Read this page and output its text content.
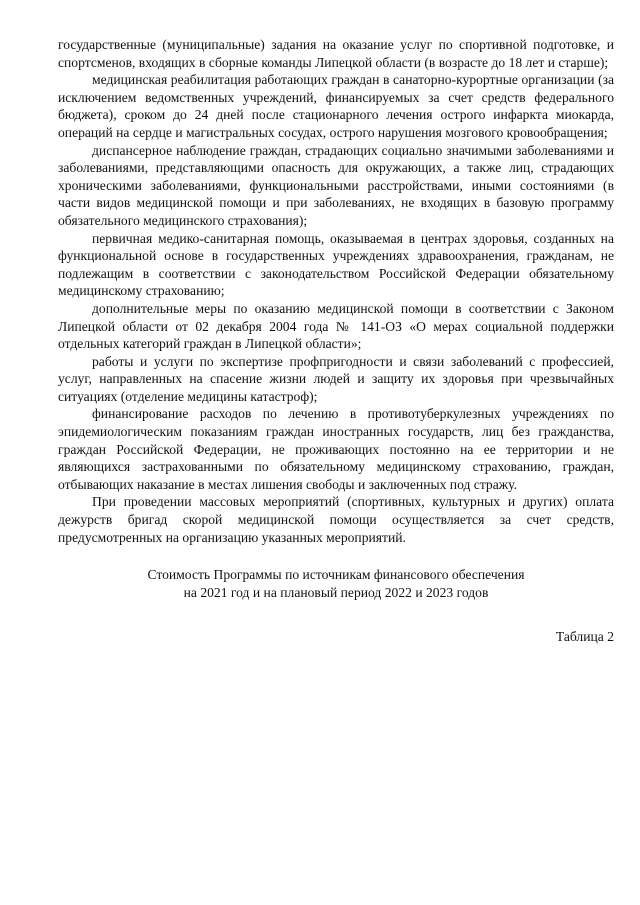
государственные (муниципальные) задания на оказание услуг по спортивной подготовке, и спортсменов, входящих в сборные команды Липецкой области (в возрасте до 18 лет и старше);

медицинская реабилитация работающих граждан в санаторно-курортные организации (за исключением ведомственных учреждений, финансируемых за счет средств федерального бюджета), сроком до 24 дней после стационарного лечения острого инфаркта миокарда, операций на сердце и магистральных сосудах, острого нарушения мозгового кровообращения;

диспансерное наблюдение граждан, страдающих социально значимыми заболеваниями и заболеваниями, представляющими опасность для окружающих, а также лиц, страдающих хроническими заболеваниями, функциональными расстройствами, иными состояниями (в части видов медицинской помощи и при заболеваниях, не входящих в базовую программу обязательного медицинского страхования);

первичная медико-санитарная помощь, оказываемая в центрах здоровья, созданных на функциональной основе в государственных учреждениях здравоохранения, гражданам, не подлежащим в соответствии с законодательством Российской Федерации обязательному медицинскому страхованию;

дополнительные меры по оказанию медицинской помощи в соответствии с Законом Липецкой области от 02 декабря 2004 года № 141-ОЗ «О мерах социальной поддержки отдельных категорий граждан в Липецкой области»;

работы и услуги по экспертизе профпригодности и связи заболеваний с профессией, услуг, направленных на спасение жизни людей и защиту их здоровья при чрезвычайных ситуациях (отделение медицины катастроф);

финансирование расходов по лечению в противотуберкулезных учреждениях по эпидемиологическим показаниям граждан иностранных государств, лиц без гражданства, граждан Российской Федерации, не проживающих постоянно на ее территории и не являющихся застрахованными по обязательному медицинскому страхованию, граждан, отбывающих наказание в местах лишения свободы и заключенных под стражу.

При проведении массовых мероприятий (спортивных, культурных и других) оплата дежурств бригад скорой медицинской помощи осуществляется за счет средств, предусмотренных на организацию указанных мероприятий.

Стоимость Программы по источникам финансового обеспечения
на 2021 год и на плановый период 2022 и 2023 годов
Таблица 2
